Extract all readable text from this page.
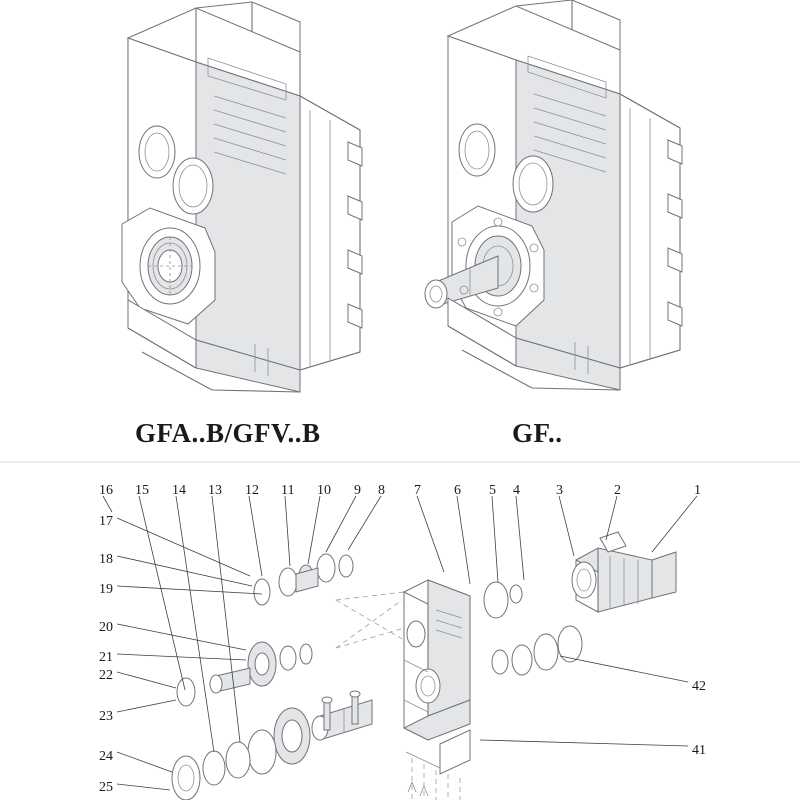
GFA..B/GFV..B	GF..
16 15 14 13 12 11 10 9 8 7 6 5 4	3	2	1
17
18
19
20
21
22
23
24
25
42
41
